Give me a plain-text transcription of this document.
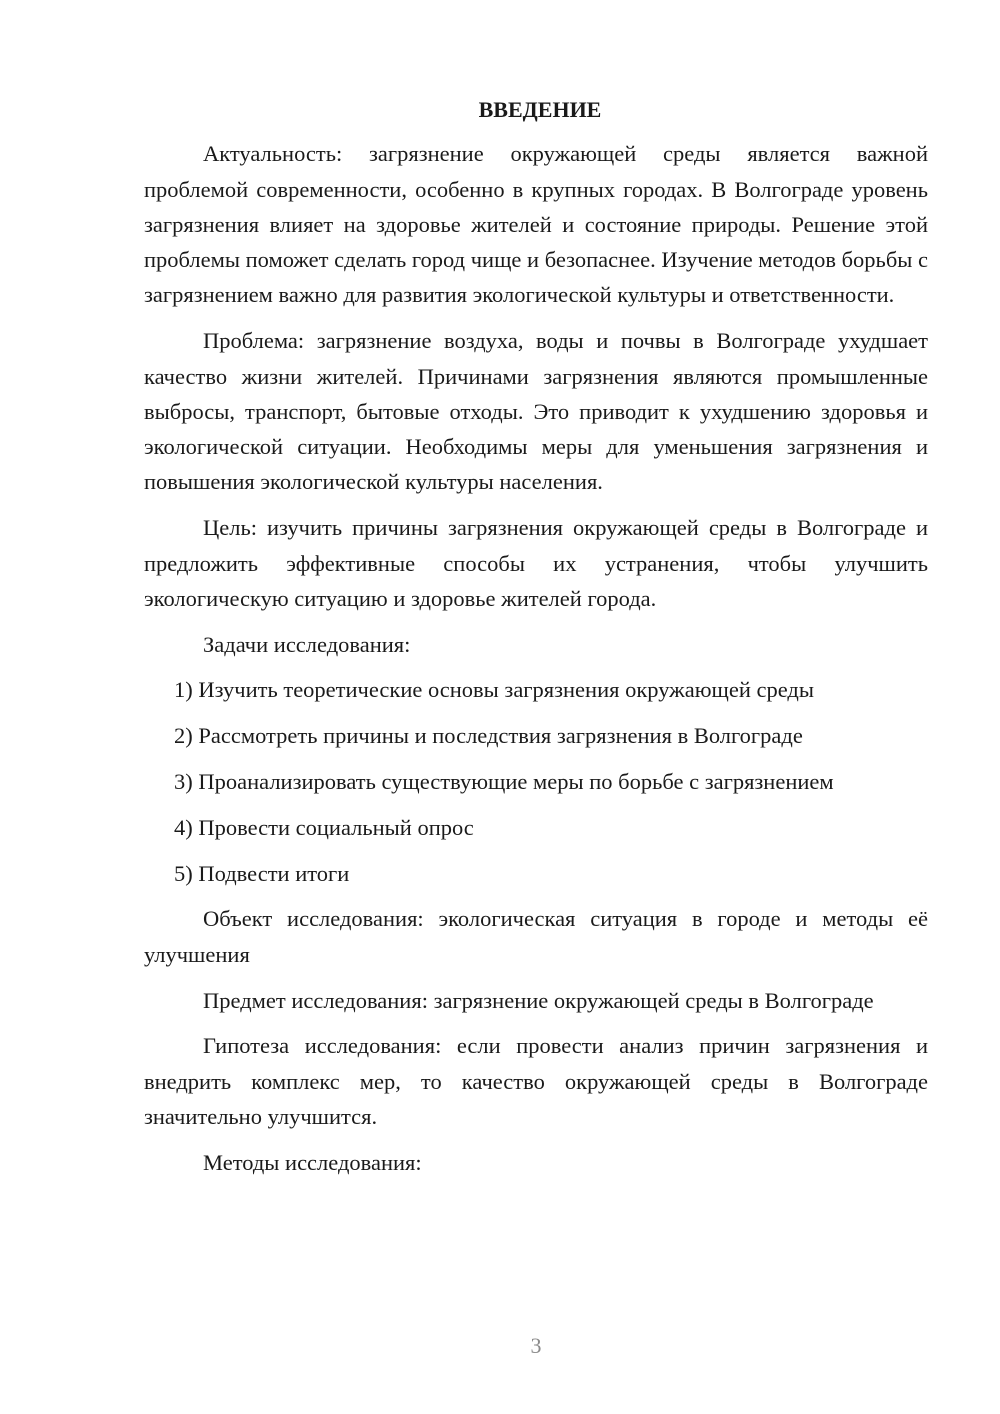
ВВЕДЕНИЕ

Актуальность: загрязнение окружающей среды является важной проблемой современности, особенно в крупных городах. В Волгограде уровень загрязнения влияет на здоровье жителей и состояние природы. Решение этой проблемы поможет сделать город чище и безопаснее. Изучение методов борьбы с загрязнением важно для развития экологической культуры и ответственности.

Проблема: загрязнение воздуха, воды и почвы в Волгограде ухудшает качество жизни жителей. Причинами загрязнения являются промышленные выбросы, транспорт, бытовые отходы. Это приводит к ухудшению здоровья и экологической ситуации. Необходимы меры для уменьшения загрязнения и повышения экологической культуры населения.

Цель: изучить причины загрязнения окружающей среды в Волгограде и предложить эффективные способы их устранения, чтобы улучшить экологическую ситуацию и здоровье жителей города.

Задачи исследования:

1) Изучить теоретические основы загрязнения окружающей среды
2) Рассмотреть причины и последствия загрязнения в Волгограде
3) Проанализировать существующие меры по борьбе с загрязнением
4) Провести социальный опрос
5) Подвести итоги

Объект исследования: экологическая ситуация в городе и методы её улучшения

Предмет исследования: загрязнение окружающей среды в Волгограде

Гипотеза исследования: если провести анализ причин загрязнения и внедрить комплекс мер, то качество окружающей среды в Волгограде значительно улучшится.

Методы исследования:

3
